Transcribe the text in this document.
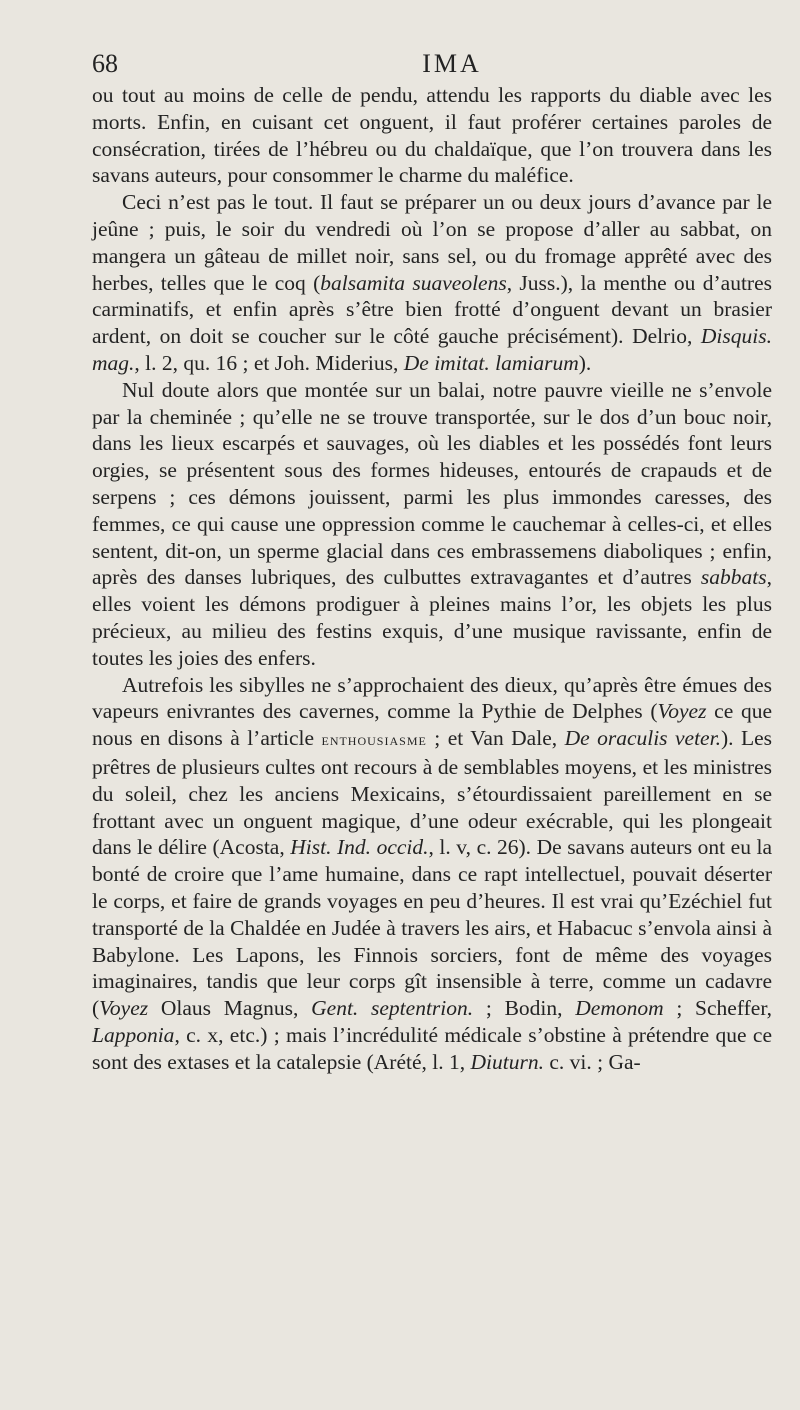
68	IMA

ou tout au moins de celle de pendu, attendu les rapports du diable avec les morts. Enfin, en cuisant cet onguent, il faut proférer certaines paroles de consécration, tirées de l’hébreu ou du chaldaïque, que l’on trouvera dans les savans auteurs, pour consommer le charme du maléfice.

Ceci n’est pas le tout. Il faut se préparer un ou deux jours d’avance par le jeûne ; puis, le soir du vendredi où l’on se propose d’aller au sabbat, on mangera un gâteau de millet noir, sans sel, ou du fromage apprêté avec des herbes, telles que le coq (balsamita suaveolens, Juss.), la menthe ou d’autres carminatifs, et enfin après s’être bien frotté d’onguent devant un brasier ardent, on doit se coucher sur le côté gauche précisément). Delrio, Disquis. mag., l. 2, qu. 16 ; et Joh. Miderius, De imitat. lamiarum).

Nul doute alors que montée sur un balai, notre pauvre vieille ne s’envole par la cheminée ; qu’elle ne se trouve transportée, sur le dos d’un bouc noir, dans les lieux escarpés et sauvages, où les diables et les possédés font leurs orgies, se présentent sous des formes hideuses, entourés de crapauds et de serpens ; ces démons jouissent, parmi les plus immondes caresses, des femmes, ce qui cause une oppression comme le cauchemar à celles-ci, et elles sentent, dit-on, un sperme glacial dans ces embrassemens diaboliques ; enfin, après des danses lubriques, des culbuttes extravagantes et d’autres sabbats, elles voient les démons prodiguer à pleines mains l’or, les objets les plus précieux, au milieu des festins exquis, d’une musique ravissante, enfin de toutes les joies des enfers.

Autrefois les sibylles ne s’approchaient des dieux, qu’après être émues des vapeurs enivrantes des cavernes, comme la Pythie de Delphes (Voyez ce que nous en disons à l’article enthousiasme ; et Van Dale, De oraculis veter.). Les prêtres de plusieurs cultes ont recours à de semblables moyens, et les ministres du soleil, chez les anciens Mexicains, s’étourdissaient pareillement en se frottant avec un onguent magique, d’une odeur exécrable, qui les plongeait dans le délire (Acosta, Hist. Ind. occid., l. v, c. 26). De savans auteurs ont eu la bonté de croire que l’ame humaine, dans ce rapt intellectuel, pouvait déserter le corps, et faire de grands voyages en peu d’heures. Il est vrai qu’Ezéchiel fut transporté de la Chaldée en Judée à travers les airs, et Habacuc s’envola ainsi à Babylone. Les Lapons, les Finnois sorciers, font de même des voyages imaginaires, tandis que leur corps gît insensible à terre, comme un cadavre (Voyez Olaus Magnus, Gent. septentrion. ; Bodin, Demonom ; Scheffer, Lapponia, c. x, etc.) ; mais l’incrédulité médicale s’obstine à prétendre que ce sont des extases et la catalepsie (Arété, l. 1, Diuturn. c. vi. ; Ga-
